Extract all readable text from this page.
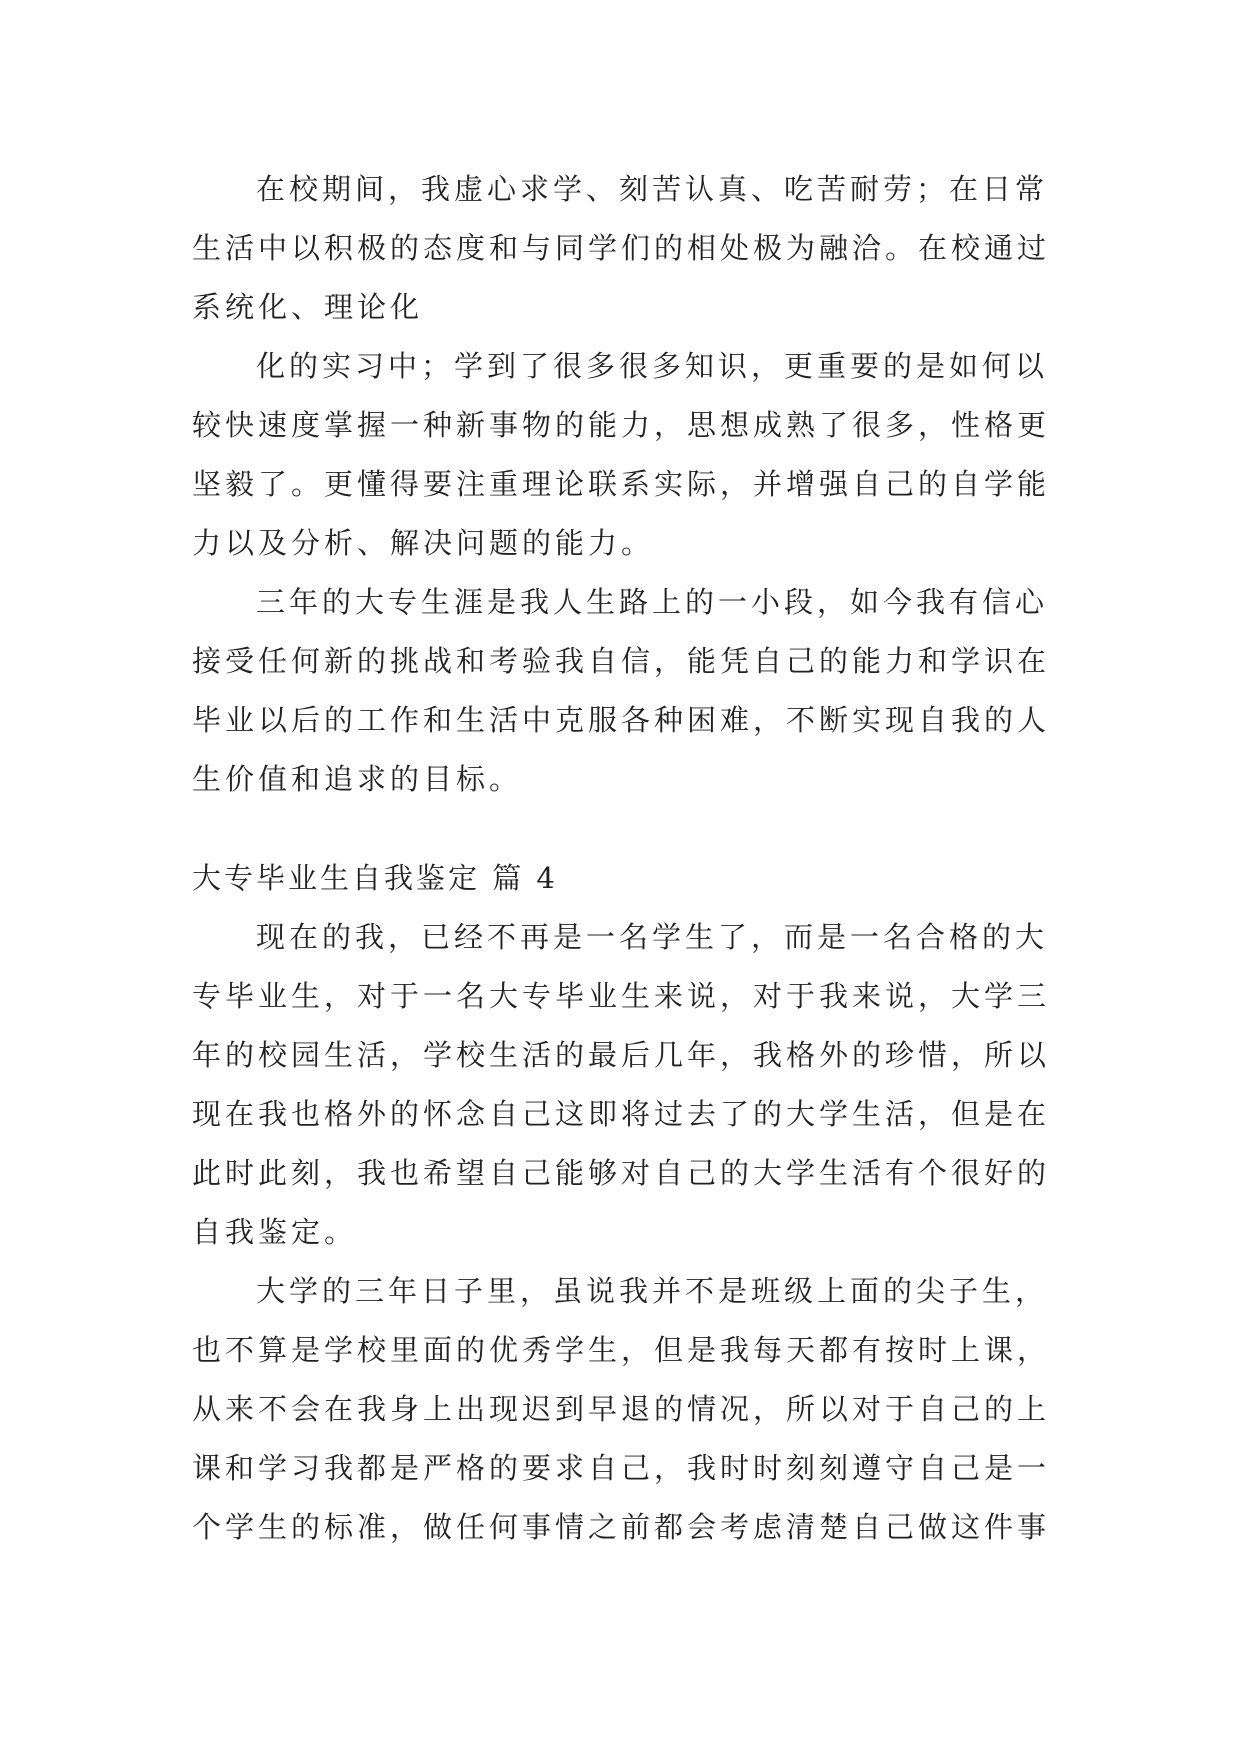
在校期间，我虚心求学、刻苦认真、吃苦耐劳；在日常
生活中以积极的态度和与同学们的相处极为融洽。在校通过
系统化、理论化
化的实习中；学到了很多很多知识，更重要的是如何以
较快速度掌握一种新事物的能力，思想成熟了很多，性格更
坚毅了。更懂得要注重理论联系实际，并增强自己的自学能
力以及分析、解决问题的能力。
三年的大专生涯是我人生路上的一小段，如今我有信心
接受任何新的挑战和考验我自信，能凭自己的能力和学识在
毕业以后的工作和生活中克服各种困难，不断实现自我的人
生价值和追求的目标。
大专毕业生自我鉴定 篇 4
现在的我，已经不再是一名学生了，而是一名合格的大
专毕业生，对于一名大专毕业生来说，对于我来说，大学三
年的校园生活，学校生活的最后几年，我格外的珍惜，所以
现在我也格外的怀念自己这即将过去了的大学生活，但是在
此时此刻，我也希望自己能够对自己的大学生活有个很好的
自我鉴定。
大学的三年日子里，虽说我并不是班级上面的尖子生，
也不算是学校里面的优秀学生，但是我每天都有按时上课，
从来不会在我身上出现迟到早退的情况，所以对于自己的上
课和学习我都是严格的要求自己，我时时刻刻遵守自己是一
个学生的标准，做任何事情之前都会考虑清楚自己做这件事
